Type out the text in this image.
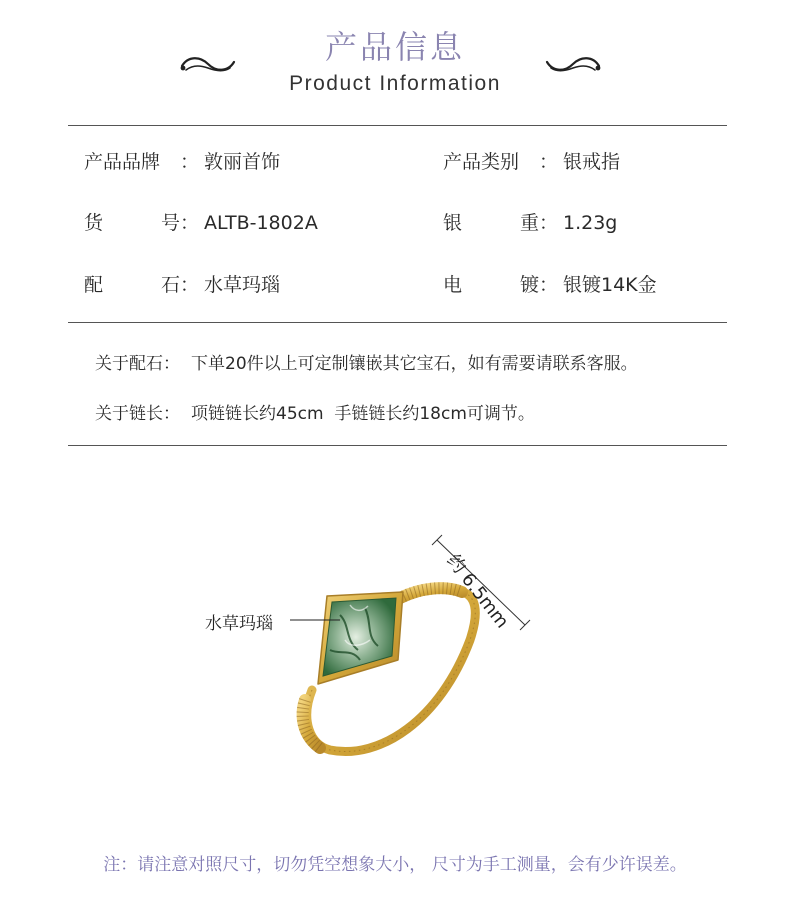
产品信息
Product Information
产品品牌 ： 敦丽首饰	产品类别 ： 银戒指
货	号 ： ALTB-1802A	银	重 ： 1.23g
配	石 ： 水草玛瑙	电	镀 ： 银镀14K金
关于配石： 下单20件以上可定制镶嵌其它宝石，如有需要请联系客服。
关于链长： 项链链长约45cm  手链链长约18cm可调节。
水草玛瑙	约 6.5mm
注：请注意对照尺寸，切勿凭空想象大小， 尺寸为手工测量，会有少许误差。
